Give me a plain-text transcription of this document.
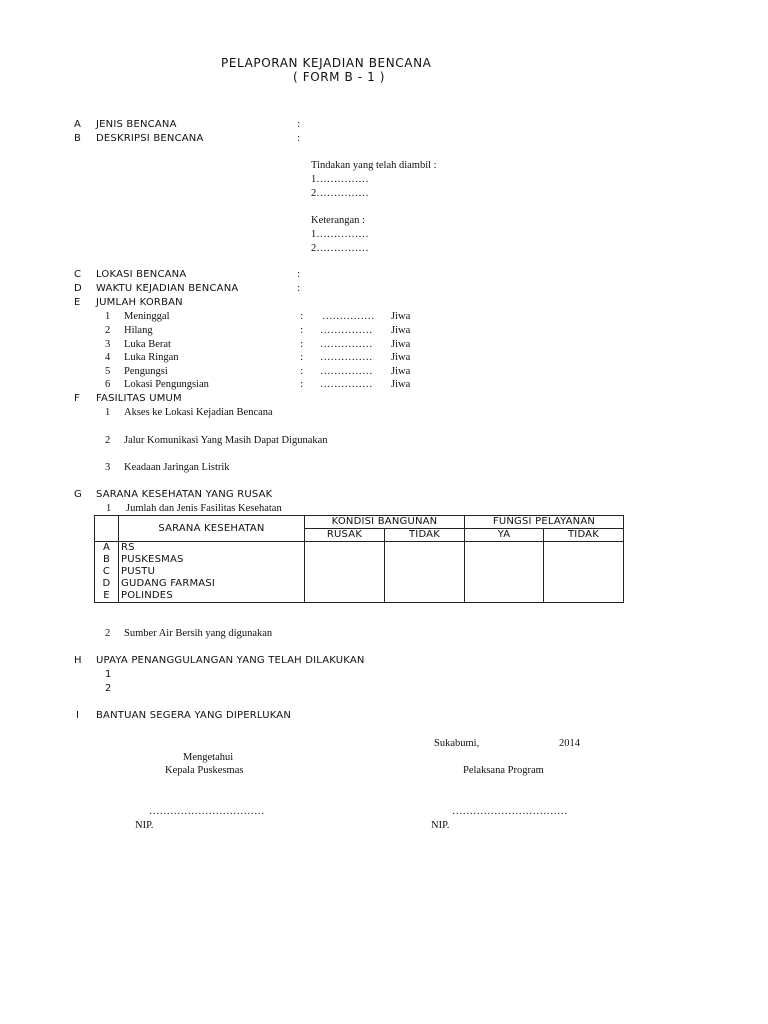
PELAPORAN KEJADIAN BENCANA
( FORM B - 1 )
A JENIS BENCANA	:
B DESKRIPSI BENCANA	:
Tindakan yang telah diambil :
1……………
2……………
Keterangan :
1……………
2……………
C LOKASI BENCANA	:
D WAKTU KEJADIAN BENCANA	:
E JUMLAH KORBAN
1 Meninggal	: …………… Jiwa
2 Hilang	: …………… Jiwa
3 Luka Berat	: …………… Jiwa
4 Luka Ringan	: …………… Jiwa
5 Pengungsi	: …………… Jiwa
6 Lokasi Pengungsian	: …………… Jiwa
F FASILITAS UMUM
1 Akses ke Lokasi Kejadian Bencana
2 Jalur Komunikasi Yang Masih Dapat Digunakan
3 Keadaan Jaringan Listrik
G SARANA KESEHATAN YANG RUSAK
1 Jumlah dan Jenis Fasilitas Kesehatan
	SARANA KESEHATAN	KONDISI BANGUNAN		FUNGSI PELAYANAN	
		RUSAK	TIDAK	YA	TIDAK
A	RS				
B	PUSKESMAS				
C	PUSTU				
D	GUDANG FARMASI				
E	POLINDES				
2 Sumber Air Bersih yang digunakan
H UPAYA PENANGGULANGAN YANG TELAH DILAKUKAN
1
2
I BANTUAN SEGERA YANG DIPERLUKAN
Sukabumi,	2014
Mengetahui
Kepala Puskesmas	Pelaksana Program
……………………………	……………………………
NIP.	NIP.
